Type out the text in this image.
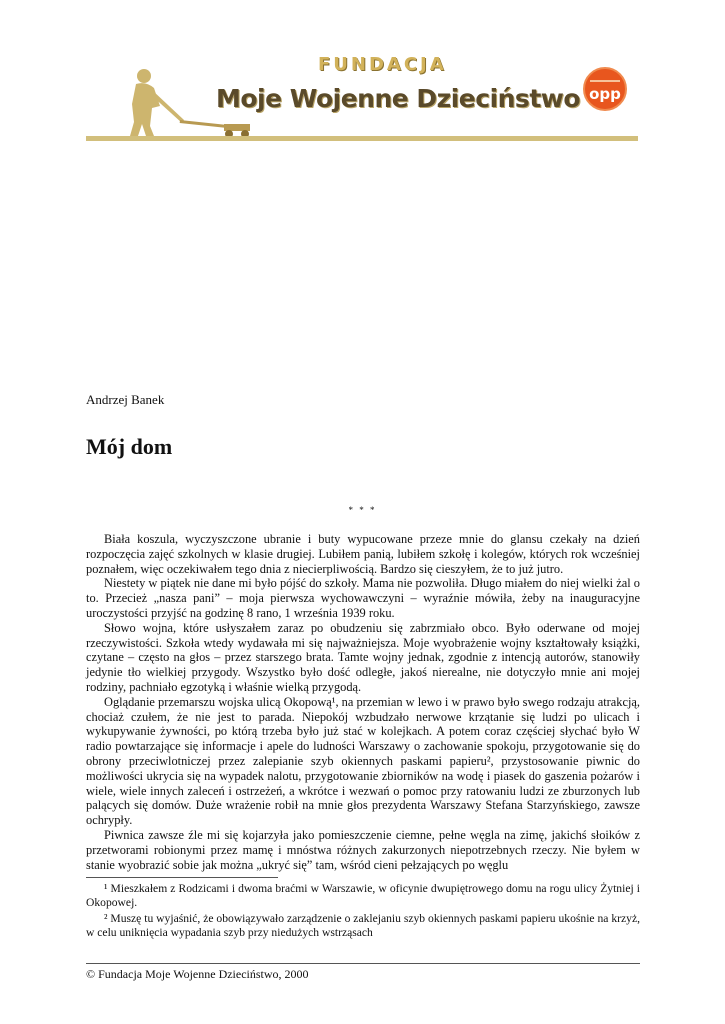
FUNDACJA
Moje Wojenne Dzieciństwo opp
Andrzej Banek
Mój dom
* * *

Biała koszula, wyczyszczone ubranie i buty wypucowane przeze mnie do glansu czekały na dzień rozpoczęcia zajęć szkolnych w klasie drugiej. Lubiłem panią, lubiłem szkołę i kolegów, których rok wcześniej poznałem, więc oczekiwałem tego dnia z niecierpliwością. Bardzo się cieszyłem, że to już jutro.

Niestety w piątek nie dane mi było pójść do szkoły. Mama nie pozwoliła. Długo miałem do niej wielki żal o to. Przecież „nasza pani” – moja pierwsza wychowawczyni – wyraźnie mówiła, żeby na inauguracyjne uroczystości przyjść na godzinę 8 rano, 1 września 1939 roku.

Słowo wojna, które usłyszałem zaraz po obudzeniu się zabrzmiało obco. Było oderwane od mojej rzeczywistości. Szkoła wtedy wydawała mi się najważniejsza. Moje wyobrażenie wojny kształtowały książki, czytane – często na głos – przez starszego brata. Tamte wojny jednak, zgodnie z intencją autorów, stanowiły jedynie tło wielkiej przygody. Wszystko było dość odległe, jakoś nierealne, nie dotyczyło mnie ani mojej rodziny, pachniało egzotyką i właśnie wielką przygodą.

Oglądanie przemarszu wojska ulicą Okopową¹, na przemian w lewo i w prawo było swego rodzaju atrakcją, chociaż czułem, że nie jest to parada. Niepokój wzbudzało nerwowe krzątanie się ludzi po ulicach i wykupywanie żywności, po którą trzeba było już stać w kolejkach. A potem coraz częściej słychać było W radio powtarzające się informacje i apele do ludności Warszawy o zachowanie spokoju, przygotowanie się do obrony przeciwlotniczej przez zalepianie szyb okiennych paskami papieru², przystosowanie piwnic do możliwości ukrycia się na wypadek nalotu, przygotowanie zbiorników na wodę i piasek do gaszenia pożarów i wiele, wiele innych zaleceń i ostrzeżeń, a wkrótce i wezwań o pomoc przy ratowaniu ludzi ze zburzonych lub palących się domów. Duże wrażenie robił na mnie głos prezydenta Warszawy Stefana Starzyńskiego, zawsze ochrypły.

Piwnica zawsze źle mi się kojarzyła jako pomieszczenie ciemne, pełne węgla na zimę, jakichś słoików z przetworami robionymi przez mamę i mnóstwa różnych zakurzonych niepotrzebnych rzeczy. Nie byłem w stanie wyobrazić sobie jak można „ukryć się” tam, wśród cieni pełzających po węglu

¹ Mieszkałem z Rodzicami i dwoma braćmi w Warszawie, w oficynie dwupiętrowego domu na rogu ulicy Żytniej i Okopowej.

² Muszę tu wyjaśnić, że obowiązywało zarządzenie o zaklejaniu szyb okiennych paskami papieru ukośnie na krzyż, w celu uniknięcia wypadania szyb przy niedużych wstrząsach

© Fundacja Moje Wojenne Dzieciństwo, 2000
